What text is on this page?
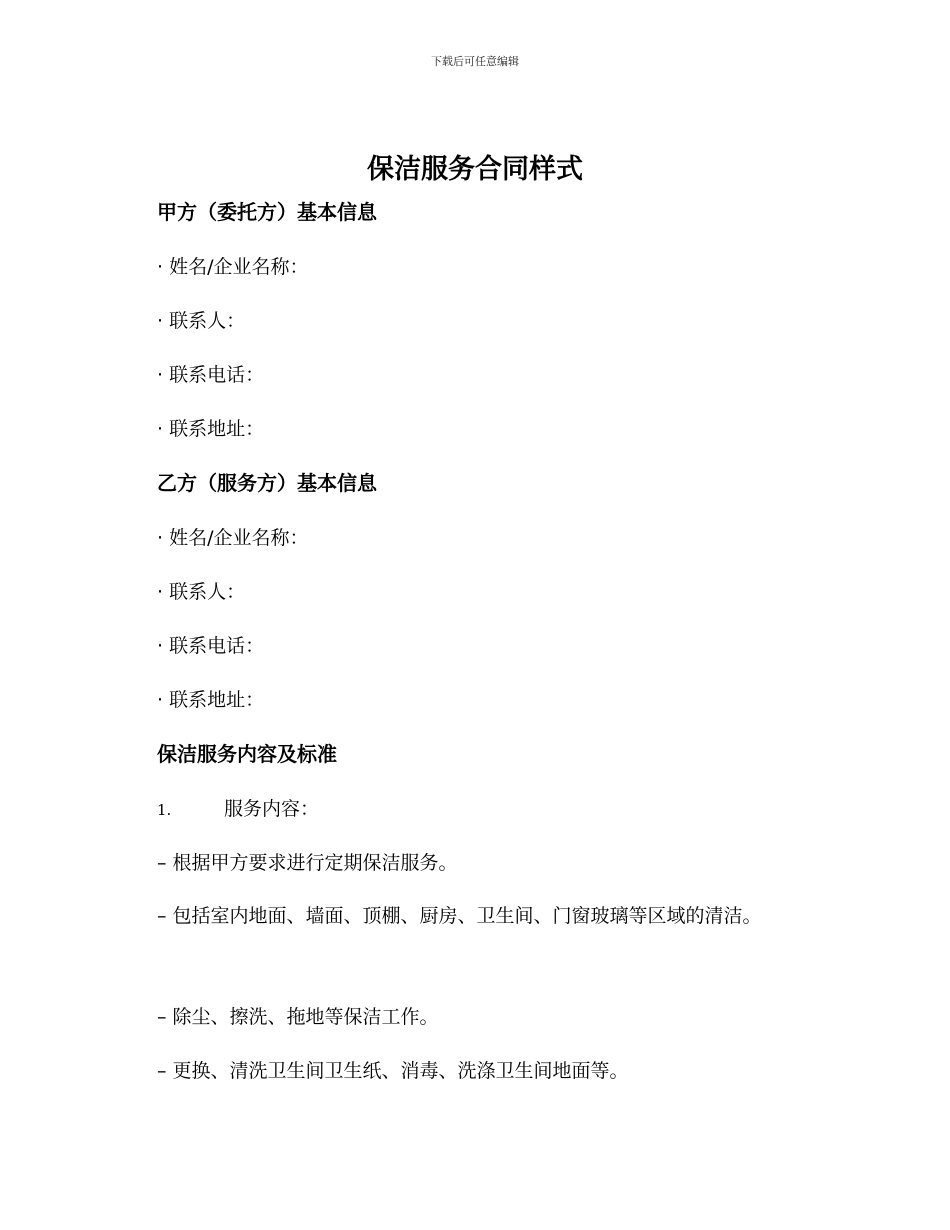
下载后可任意编辑
保洁服务合同样式

甲方（委托方）基本信息

· 姓名/企业名称：

· 联系人：

· 联系电话：

· 联系地址：

乙方（服务方）基本信息

· 姓名/企业名称：

· 联系人：

· 联系电话：

· 联系地址：

保洁服务内容及标准

1.	服务内容：

– 根据甲方要求进行定期保洁服务。

– 包括室内地面、墙面、顶棚、厨房、卫生间、门窗玻璃等区域的清洁。

– 除尘、擦洗、拖地等保洁工作。

– 更换、清洗卫生间卫生纸、消毒、洗涤卫生间地面等。
